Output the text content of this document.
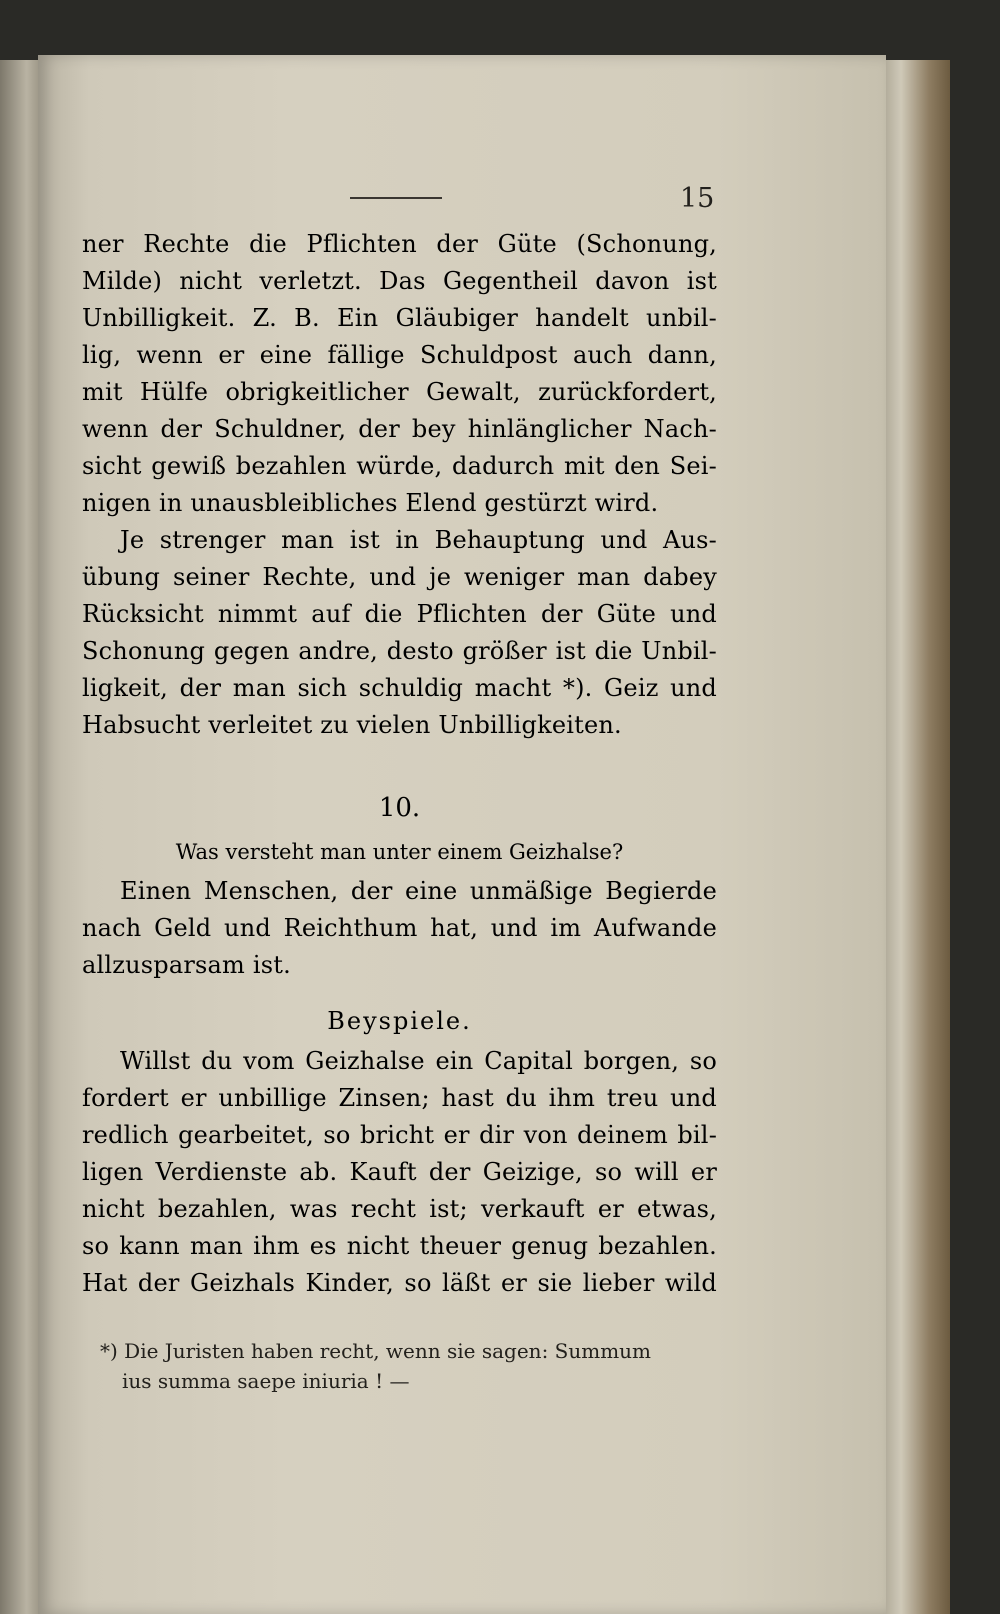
15
ner Rechte die Pflichten der Güte (Schonung,
Milde) nicht verletzt. Das Gegentheil davon ist
Unbilligkeit. Z. B. Ein Gläubiger handelt unbil-
lig, wenn er eine fällige Schuldpost auch dann,
mit Hülfe obrigkeitlicher Gewalt, zurückfordert,
wenn der Schuldner, der bey hinlänglicher Nach-
sicht gewiß bezahlen würde, dadurch mit den Sei-
nigen in unausbleibliches Elend gestürzt wird.
Je strenger man ist in Behauptung und Aus-
übung seiner Rechte, und je weniger man dabey
Rücksicht nimmt auf die Pflichten der Güte und
Schonung gegen andre, desto größer ist die Unbil-
ligkeit, der man sich schuldig macht *). Geiz und
Habsucht verleitet zu vielen Unbilligkeiten.
10.
Was versteht man unter einem Geizhalse?
Einen Menschen, der eine unmäßige Begierde
nach Geld und Reichthum hat, und im Aufwande
allzusparsam ist.
Beyspiele.
Willst du vom Geizhalse ein Capital borgen, so
fordert er unbillige Zinsen; hast du ihm treu und
redlich gearbeitet, so bricht er dir von deinem bil-
ligen Verdienste ab. Kauft der Geizige, so will er
nicht bezahlen, was recht ist; verkauft er etwas,
so kann man ihm es nicht theuer genug bezahlen.
Hat der Geizhals Kinder, so läßt er sie lieber wild
*) Die Juristen haben recht, wenn sie sagen: Summum
ius summa saepe iniuria ! —
